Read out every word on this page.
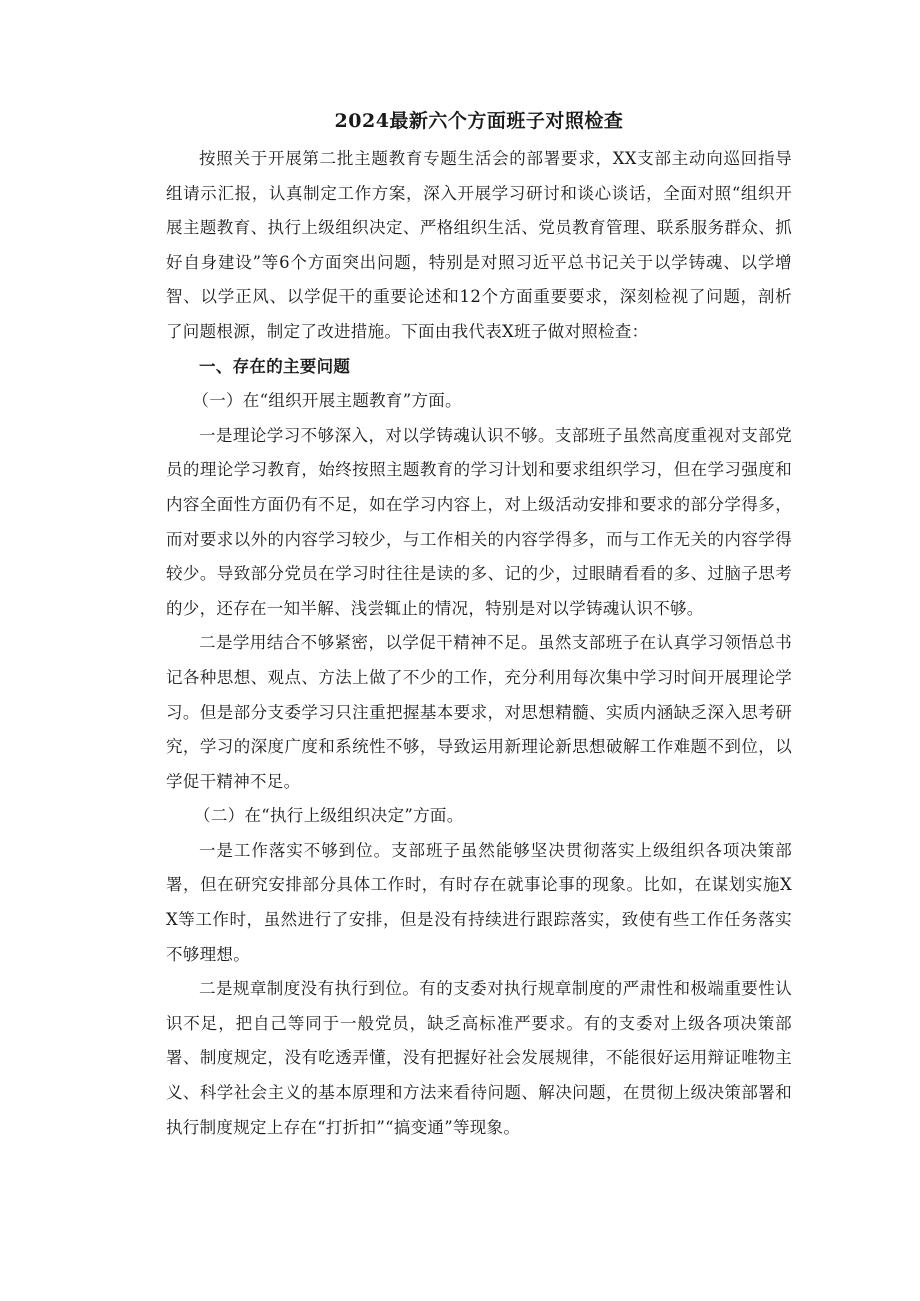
2024最新六个方面班子对照检查

按照关于开展第二批主题教育专题生活会的部署要求，XX支部主动向巡回指导组请示汇报，认真制定工作方案，深入开展学习研讨和谈心谈话，全面对照“组织开展主题教育、执行上级组织决定、严格组织生活、党员教育管理、联系服务群众、抓好自身建设”等6个方面突出问题，特别是对照习近平总书记关于以学铸魂、以学增智、以学正风、以学促干的重要论述和12个方面重要要求，深刻检视了问题，剖析了问题根源，制定了改进措施。下面由我代表X班子做对照检查：

一、存在的主要问题

（一）在“组织开展主题教育”方面。

一是理论学习不够深入，对以学铸魂认识不够。支部班子虽然高度重视对支部党员的理论学习教育，始终按照主题教育的学习计划和要求组织学习，但在学习强度和内容全面性方面仍有不足，如在学习内容上，对上级活动安排和要求的部分学得多，而对要求以外的内容学习较少，与工作相关的内容学得多，而与工作无关的内容学得较少。导致部分党员在学习时往往是读的多、记的少，过眼睛看看的多、过脑子思考的少，还存在一知半解、浅尝辄止的情况，特别是对以学铸魂认识不够。

二是学用结合不够紧密，以学促干精神不足。虽然支部班子在认真学习领悟总书记各种思想、观点、方法上做了不少的工作，充分利用每次集中学习时间开展理论学习。但是部分支委学习只注重把握基本要求，对思想精髓、实质内涵缺乏深入思考研究，学习的深度广度和系统性不够，导致运用新理论新思想破解工作难题不到位，以学促干精神不足。

（二）在“执行上级组织决定”方面。

一是工作落实不够到位。支部班子虽然能够坚决贯彻落实上级组织各项决策部署，但在研究安排部分具体工作时，有时存在就事论事的现象。比如，在谋划实施XX等工作时，虽然进行了安排，但是没有持续进行跟踪落实，致使有些工作任务落实不够理想。

二是规章制度没有执行到位。有的支委对执行规章制度的严肃性和极端重要性认识不足，把自己等同于一般党员，缺乏高标准严要求。有的支委对上级各项决策部署、制度规定，没有吃透弄懂，没有把握好社会发展规律，不能很好运用辩证唯物主义、科学社会主义的基本原理和方法来看待问题、解决问题，在贯彻上级决策部署和执行制度规定上存在“打折扣”“搞变通”等现象。
